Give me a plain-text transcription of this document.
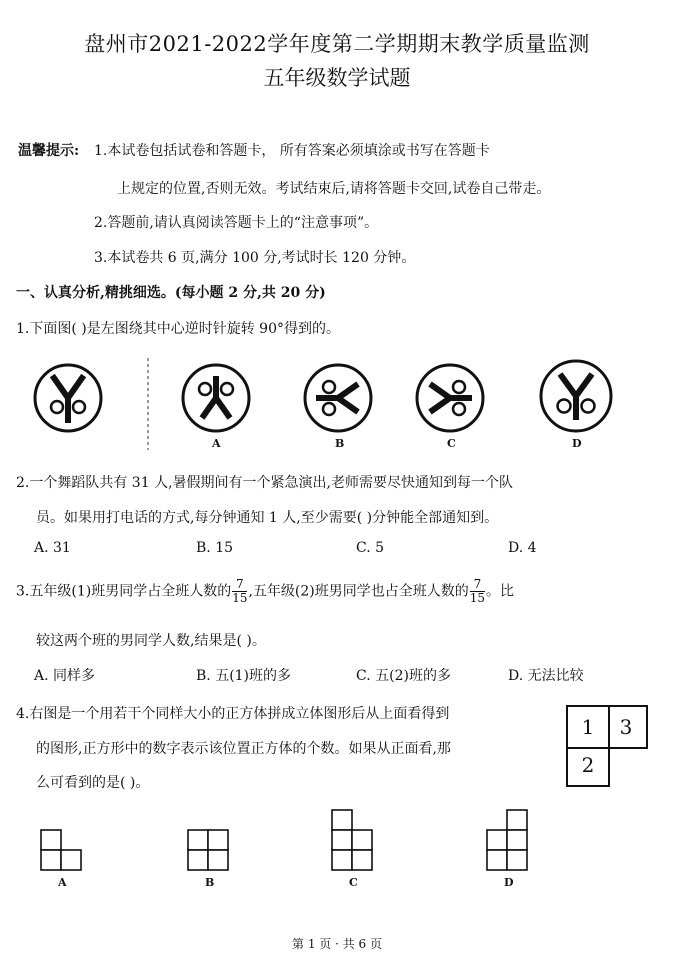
盘州市2021-2022学年度第二学期期末教学质量监测
五年级数学试题
温馨提示: 1.本试卷包括试卷和答题卡， 所有答案必须填涂或书写在答题卡
上规定的位置,否则无效。考试结束后,请将答题卡交回,试卷自己带走。
2.答题前,请认真阅读答题卡上的“注意事项”。
3.本试卷共 6 页,满分 100 分,考试时长 120 分钟。
一、认真分析,精挑细选。(每小题 2 分,共 20 分)
1.下面图( )是左图绕其中心逆时针旋转 90°得到的。
A	B	C	D
2.一个舞蹈队共有 31 人,暑假期间有一个紧急演出,老师需要尽快通知到每一个队
员。如果用打电话的方式,每分钟通知 1 人,至少需要( )分钟能全部通知到。
A. 31	B. 15	C. 5	D. 4
3.五年级(1)班男同学占全班人数的 $\frac{7}{15}$ ,五年级(2)班男同学也占全班人数的 $\frac{7}{15}$ 。比
较这两个班的男同学人数,结果是( )。
A. 同样多	B. 五(1)班的多	C. 五(2)班的多	D. 无法比较
4.右图是一个用若干个同样大小的正方体拼成立体图形后从上面看得到
的图形,正方形中的数字表示该位置正方体的个数。如果从正面看,那
么可看到的是( )。
1	3
2
A	B	C	D
第 1 页 · 共 6 页
